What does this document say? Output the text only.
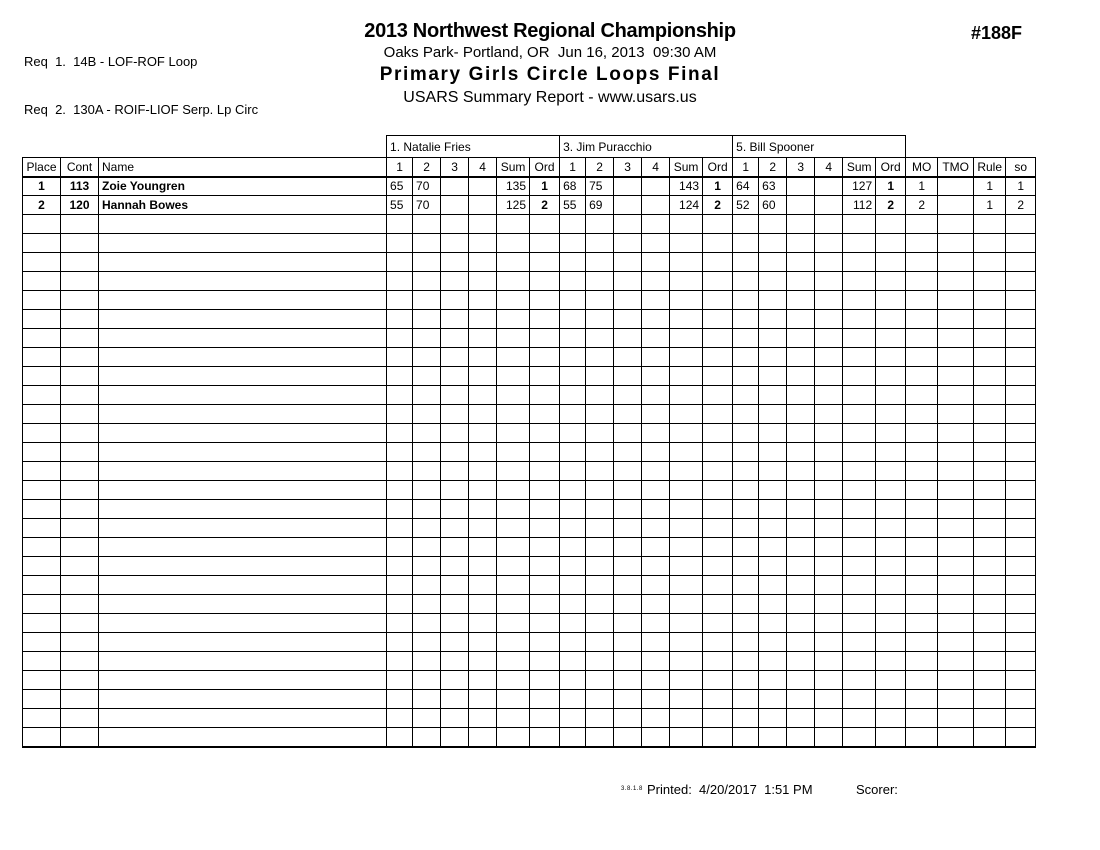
Req  1.  14B - LOF-ROF Loop

Req  2.  130A - ROIF-LIOF Serp. Lp Circ

2013 Northwest Regional Championship
Oaks Park- Portland, OR  Jun 16, 2013  09:30 AM
Primary Girls Circle Loops Final
USARS Summary Report - www.usars.us
#188F
			1. Natalie Fries						3. Jim Puracchio						5. Bill Spooner									
Place	Cont	Name	1	2	3	4	Sum	Ord	1	2	3	4	Sum	Ord	1	2	3	4	Sum	Ord	MO	TMO	Rule	so
1	113	Zoie Youngren	65	70			135	1	68	75			143	1	64	63			127	1	1		1	1
2	120	Hannah Bowes	55	70			125	2	55	69			124	2	52	60			112	2	2		1	2

3.8.1.8 Printed: 4/20/2017  1:51 PM	Scorer:
